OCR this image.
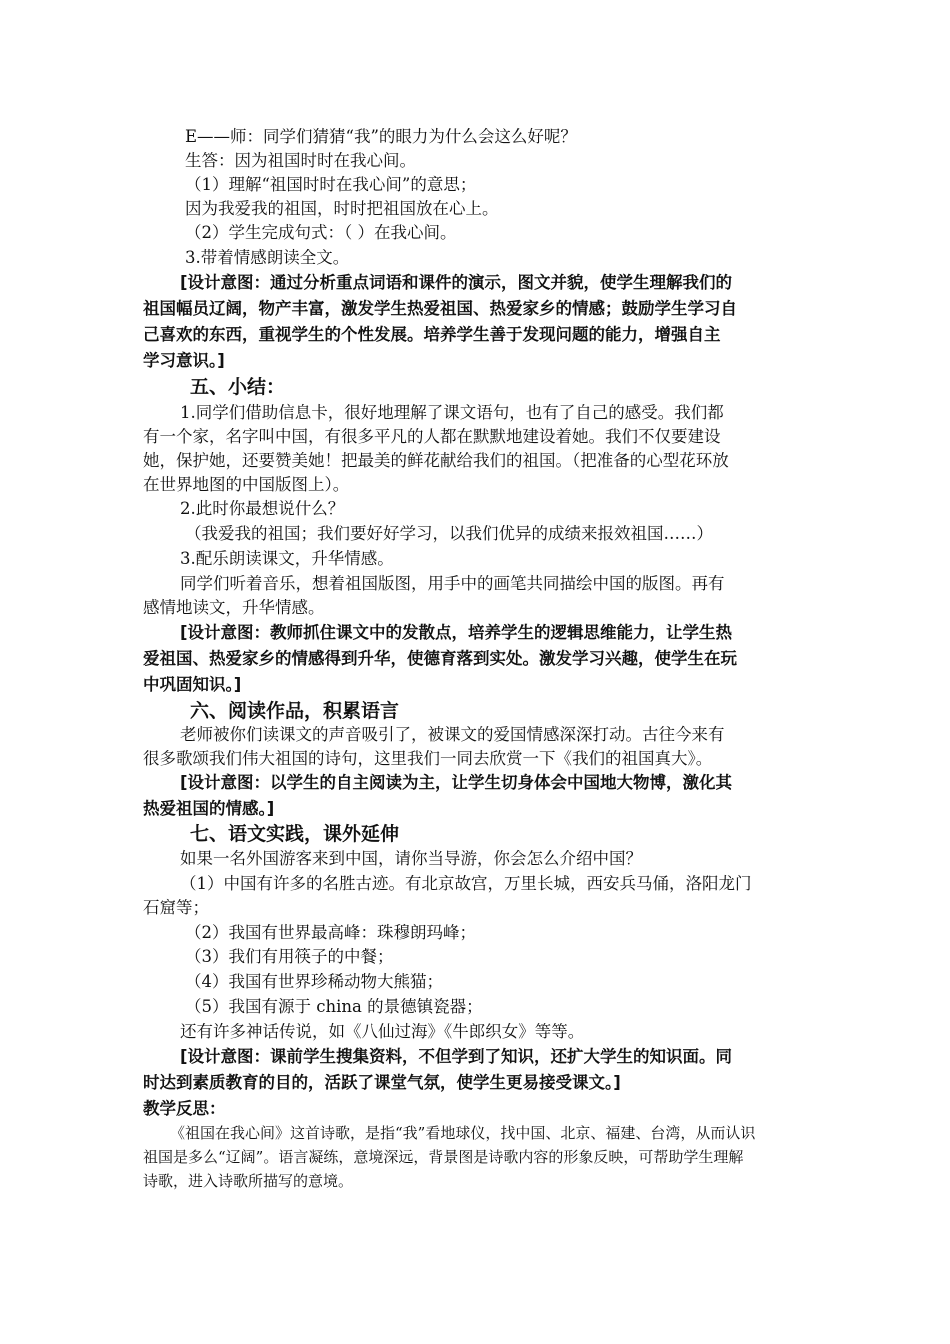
E——师：同学们猜猜“我”的眼力为什么会这么好呢？
生答：因为祖国时时在我心间。
（1）理解“祖国时时在我心间”的意思；
因为我爱我的祖国，时时把祖国放在心上。
（2）学生完成句式：（ ）在我心间。
3.带着情感朗读全文。
[设计意图：通过分析重点词语和课件的演示，图文并貌，使学生理解我们的
祖国幅员辽阔，物产丰富，激发学生热爱祖国、热爱家乡的情感；鼓励学生学习自
己喜欢的东西，重视学生的个性发展。培养学生善于发现问题的能力，增强自主
学习意识。]
五、小结：
1.同学们借助信息卡，很好地理解了课文语句，也有了自己的感受。我们都
有一个家，名字叫中国，有很多平凡的人都在默默地建设着她。我们不仅要建设
她，保护她，还要赞美她！把最美的鲜花献给我们的祖国。（把准备的心型花环放
在世界地图的中国版图上）。
2.此时你最想说什么？
（我爱我的祖国；我们要好好学习，以我们优异的成绩来报效祖国……）
3.配乐朗读课文，升华情感。
同学们听着音乐，想着祖国版图，用手中的画笔共同描绘中国的版图。再有
感情地读文，升华情感。
[设计意图：教师抓住课文中的发散点，培养学生的逻辑思维能力，让学生热
爱祖国、热爱家乡的情感得到升华，使德育落到实处。激发学习兴趣，使学生在玩
中巩固知识。]
六、阅读作品，积累语言
老师被你们读课文的声音吸引了，被课文的爱国情感深深打动。古往今来有
很多歌颂我们伟大祖国的诗句，这里我们一同去欣赏一下《我们的祖国真大》。
[设计意图：以学生的自主阅读为主，让学生切身体会中国地大物博，激化其
热爱祖国的情感。]
七、语文实践，课外延伸
如果一名外国游客来到中国，请你当导游，你会怎么介绍中国？
（1）中国有许多的名胜古迹。有北京故宫，万里长城，西安兵马俑，洛阳龙门
石窟等；
（2）我国有世界最高峰：珠穆朗玛峰；
（3）我们有用筷子的中餐；
（4）我国有世界珍稀动物大熊猫；
（5）我国有源于 china 的景德镇瓷器；
还有许多神话传说，如《八仙过海》《牛郎织女》等等。
[设计意图：课前学生搜集资料，不但学到了知识，还扩大学生的知识面。同
时达到素质教育的目的，活跃了课堂气氛，使学生更易接受课文。]
教学反思：
《祖国在我心间》这首诗歌，是指“我”看地球仪，找中国、北京、福建、台湾，从而认识
祖国是多么“辽阔”。语言凝练，意境深远，背景图是诗歌内容的形象反映，可帮助学生理解
诗歌，进入诗歌所描写的意境。
